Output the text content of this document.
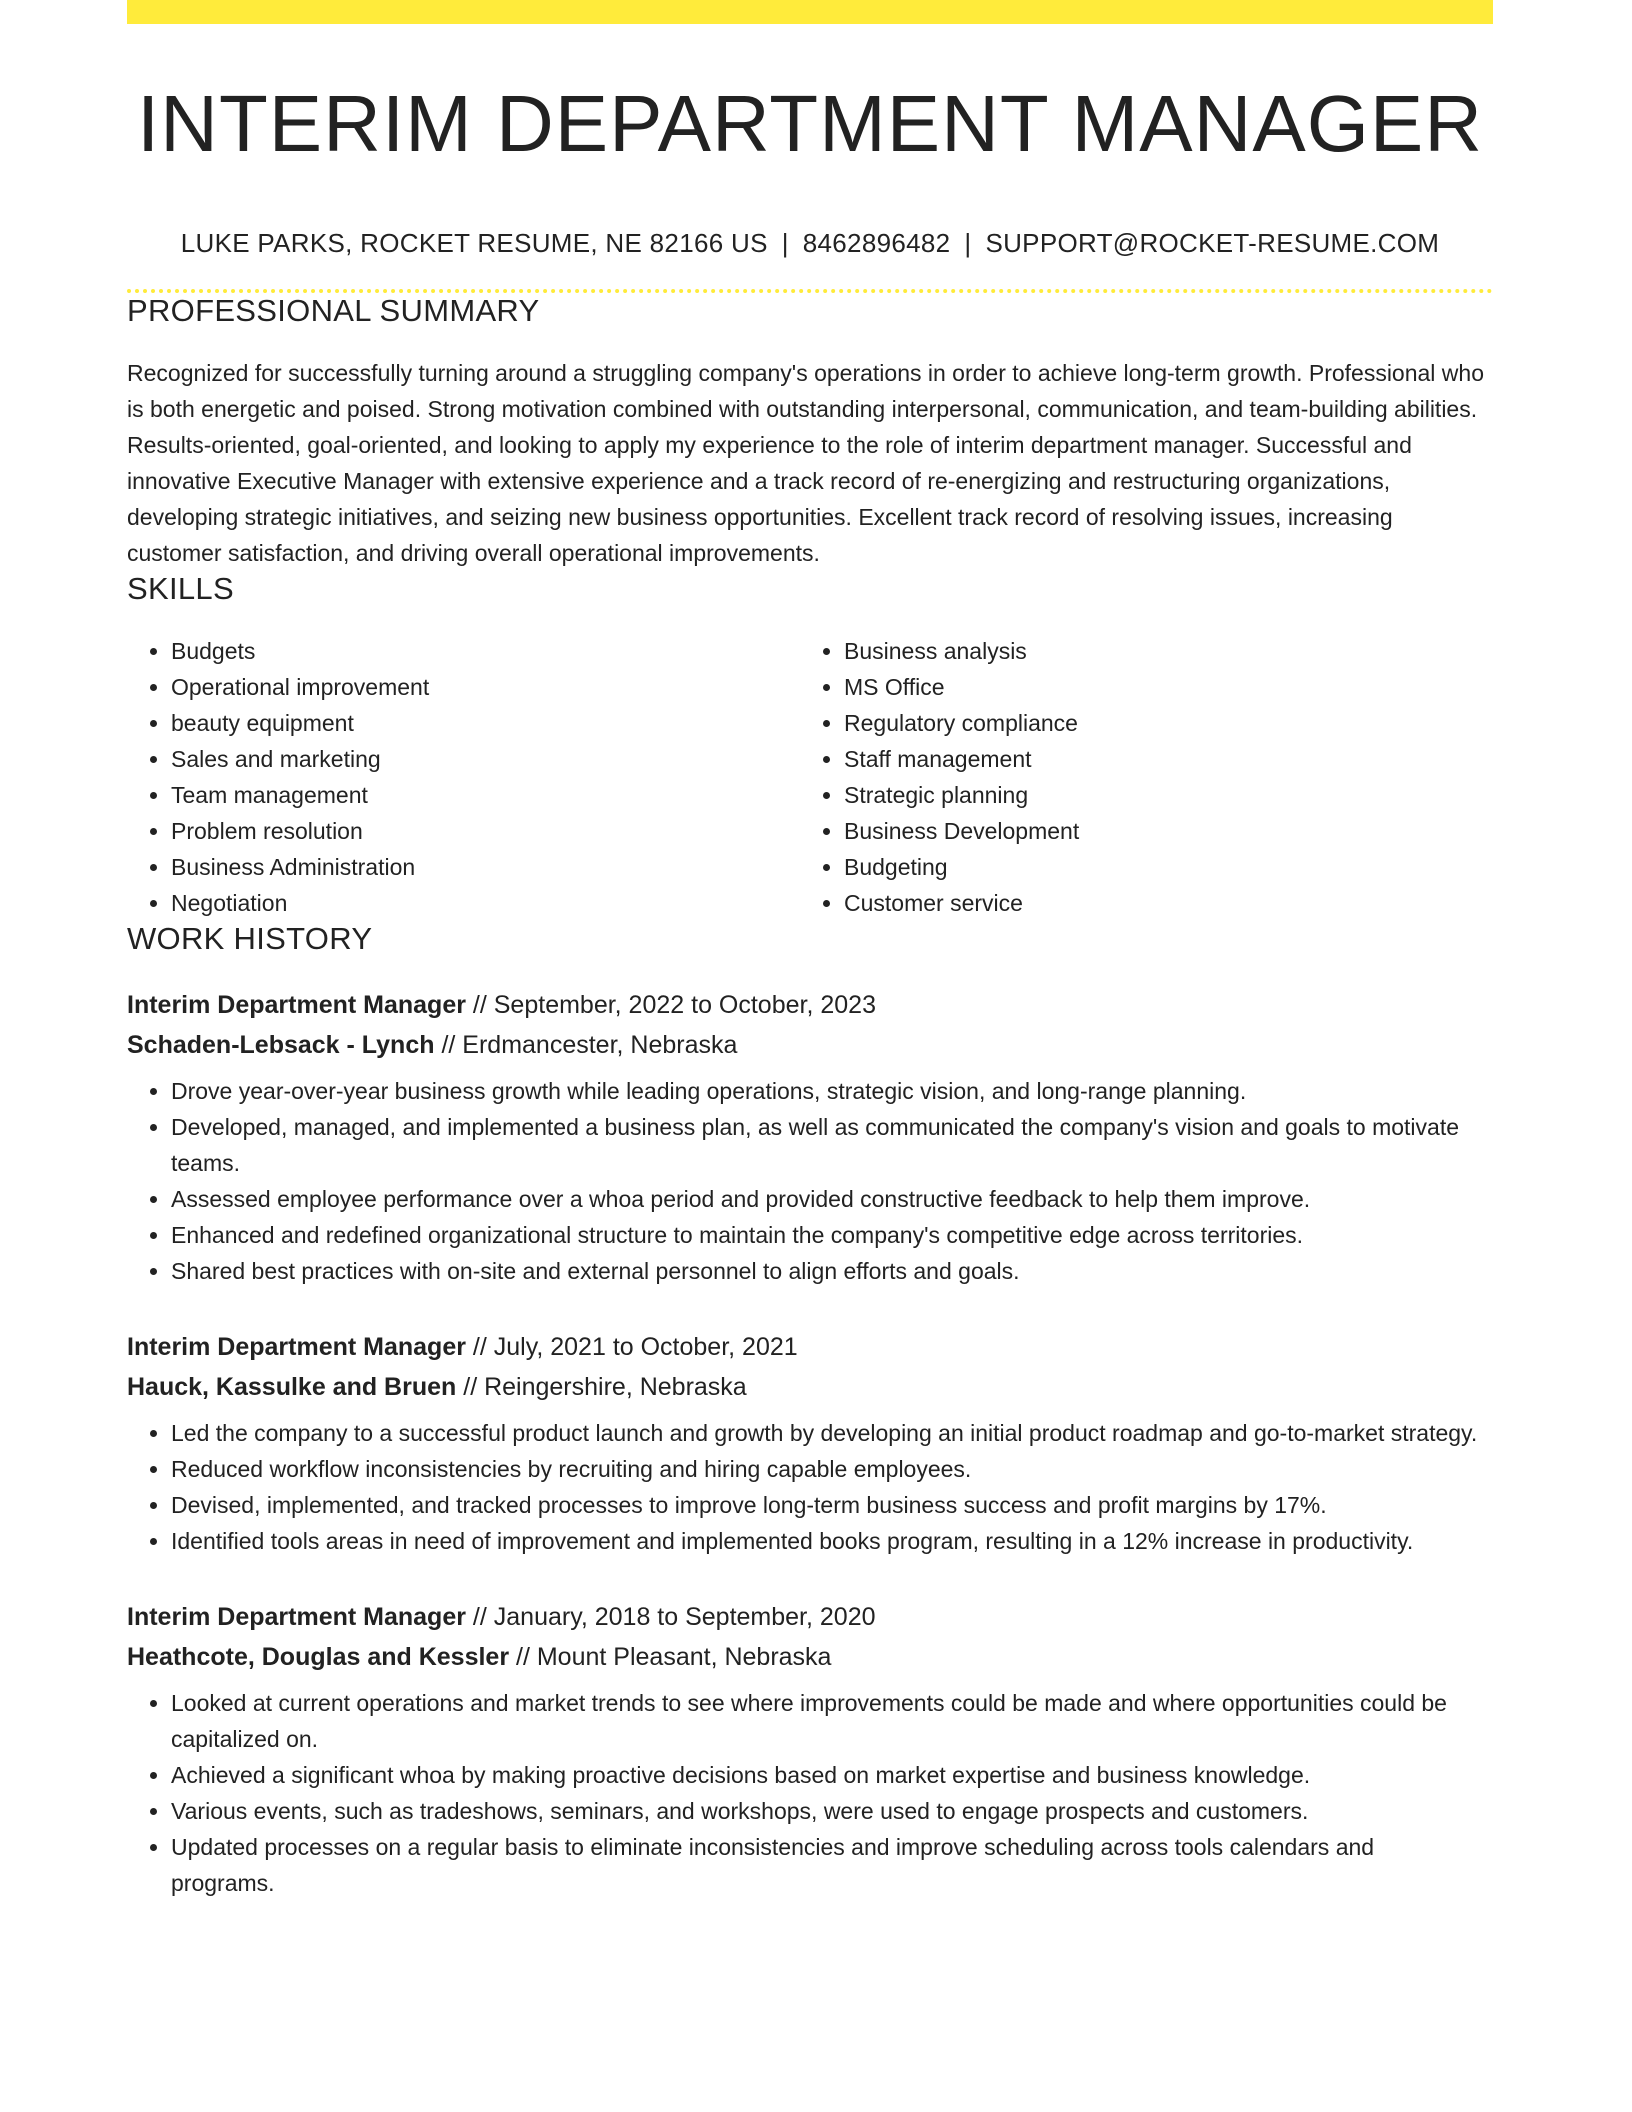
INTERIM DEPARTMENT MANAGER
LUKE PARKS, ROCKET RESUME, NE 82166 US | 8462896482 | SUPPORT@ROCKET-RESUME.COM
PROFESSIONAL SUMMARY

Recognized for successfully turning around a struggling company's operations in order to achieve long-term growth. Professional who is both energetic and poised. Strong motivation combined with outstanding interpersonal, communication, and team-building abilities. Results-oriented, goal-oriented, and looking to apply my experience to the role of interim department manager. Successful and innovative Executive Manager with extensive experience and a track record of re-energizing and restructuring organizations, developing strategic initiatives, and seizing new business opportunities. Excellent track record of resolving issues, increasing customer satisfaction, and driving overall operational improvements.

SKILLS
• Budgets
• Operational improvement
• beauty equipment
• Sales and marketing
• Team management
• Problem resolution
• Business Administration
• Negotiation
• Business analysis
• MS Office
• Regulatory compliance
• Staff management
• Strategic planning
• Business Development
• Budgeting
• Customer service
WORK HISTORY
Interim Department Manager // September, 2022 to October, 2023
Schaden-Lebsack - Lynch // Erdmancester, Nebraska
• Drove year-over-year business growth while leading operations, strategic vision, and long-range planning.
• Developed, managed, and implemented a business plan, as well as communicated the company's vision and goals to motivate teams.
• Assessed employee performance over a whoa period and provided constructive feedback to help them improve.
• Enhanced and redefined organizational structure to maintain the company's competitive edge across territories.
• Shared best practices with on-site and external personnel to align efforts and goals.
Interim Department Manager // July, 2021 to October, 2021
Hauck, Kassulke and Bruen // Reingershire, Nebraska
• Led the company to a successful product launch and growth by developing an initial product roadmap and go-to-market strategy.
• Reduced workflow inconsistencies by recruiting and hiring capable employees.
• Devised, implemented, and tracked processes to improve long-term business success and profit margins by 17%.
• Identified tools areas in need of improvement and implemented books program, resulting in a 12% increase in productivity.
Interim Department Manager // January, 2018 to September, 2020
Heathcote, Douglas and Kessler // Mount Pleasant, Nebraska
• Looked at current operations and market trends to see where improvements could be made and where opportunities could be capitalized on.
• Achieved a significant whoa by making proactive decisions based on market expertise and business knowledge.
• Various events, such as tradeshows, seminars, and workshops, were used to engage prospects and customers.
• Updated processes on a regular basis to eliminate inconsistencies and improve scheduling across tools calendars and programs.
